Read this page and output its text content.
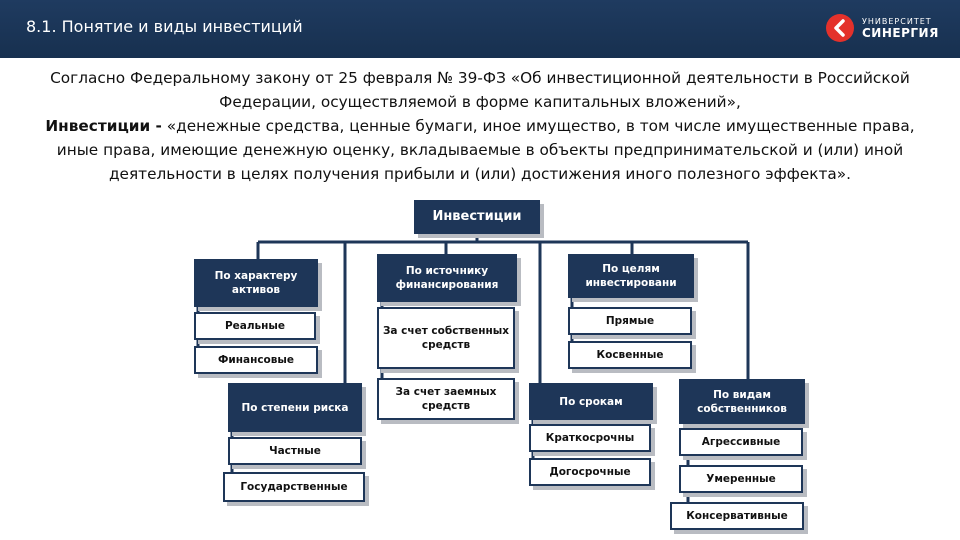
8.1. Понятие и виды инвестиций	УНИВЕРСИТЕТ
СИНЕРГИЯ
Согласно Федеральному закону от 25 февраля № 39-ФЗ «Об инвестиционной деятельности в Российской Федерации, осуществляемой в форме капитальных вложений»,
Инвестиции - «денежные средства, ценные бумаги, иное имущество, в том числе имущественные права, иные права, имеющие денежную оценку, вкладываемые в объекты предпринимательской и (или) иной деятельности в целях получения прибыли и (или) достижения иного полезного эффекта».
Инвестиции
По характеру активов
Реальные
Финансовые
По источнику финансирования
За счет собственных средств
За счет заемных средств
По целям инвестировани
Прямые
Косвенные
По степени риска
Частные
Государственные
По срокам
Краткосрочны
Догосрочные
По видам собственников
Агрессивные
Умеренные
Консервативные
